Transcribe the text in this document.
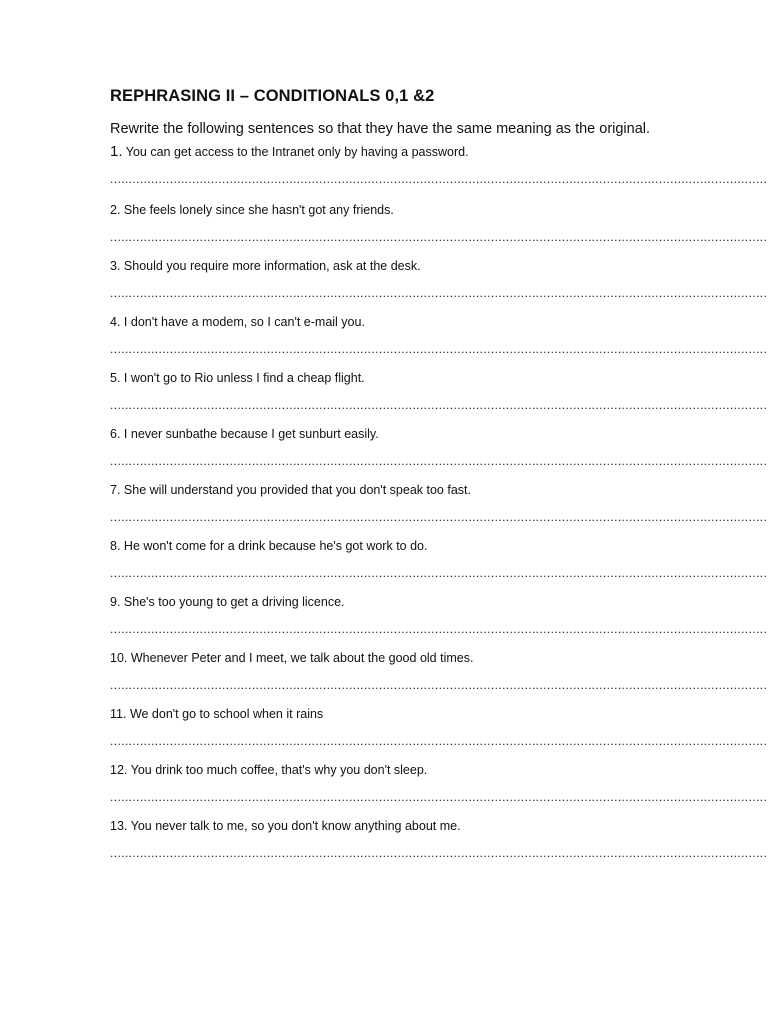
REPHRASING II – CONDITIONALS 0,1 &2

Rewrite the following sentences so that they have the same meaning as the original.

1. You can get access to the Intranet only by having a password.
................................................................................................................................................................................
2. She feels lonely since she hasn't got any friends.
................................................................................................................................................................................
3. Should you require more information, ask at the desk.
................................................................................................................................................................................
4. I don't have a modem, so I can't e-mail you.
................................................................................................................................................................................
5. I won't go to Rio unless I find a cheap flight.
................................................................................................................................................................................
6. I never sunbathe because I get sunburt easily.
................................................................................................................................................................................
7. She will understand you provided that you don't speak too fast.
................................................................................................................................................................................
8. He won't come for a drink because he's got work to do.
................................................................................................................................................................................
9. She's too young to get a driving licence.
................................................................................................................................................................................
10. Whenever Peter and I meet, we talk about the good old times.
................................................................................................................................................................................
11. We don't go to school when it rains
................................................................................................................................................................................
12. You drink too much coffee, that's why you don't sleep.
................................................................................................................................................................................
13. You never talk to me, so you don't know anything about me.
................................................................................................................................................................................
